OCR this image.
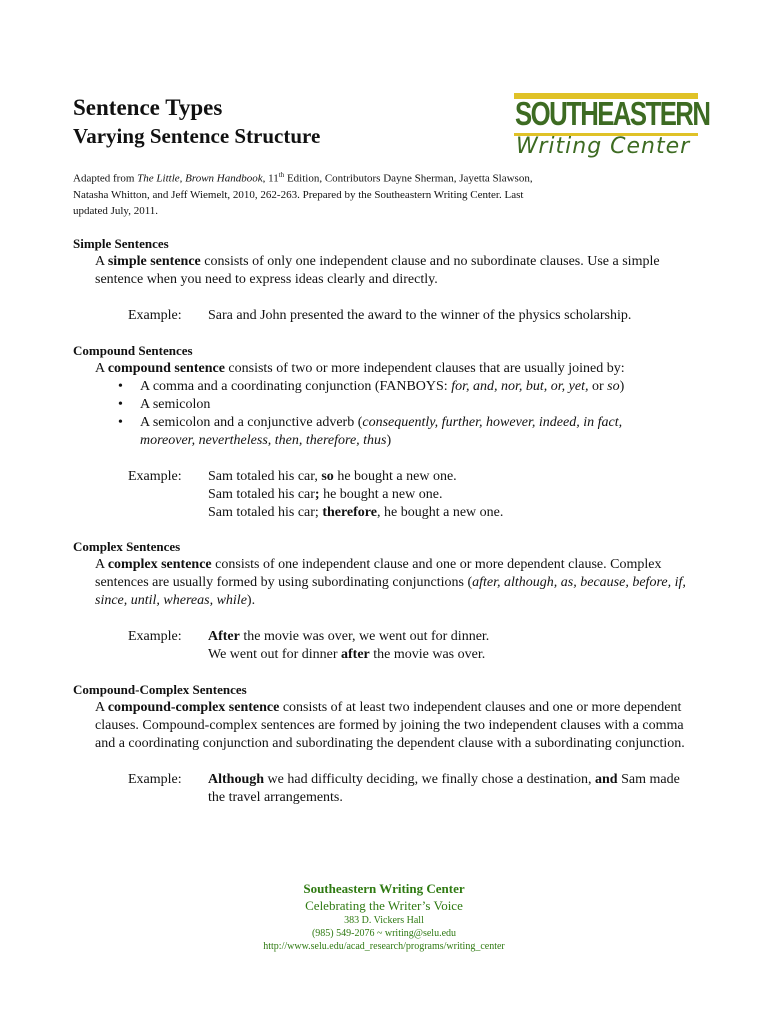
Sentence Types
Varying Sentence Structure
SOUTHEASTERN
Writing Center
Adapted from The Little, Brown Handbook, 11th Edition, Contributors Dayne Sherman, Jayetta Slawson, Natasha Whitton, and Jeff Wiemelt, 2010, 262-263. Prepared by the Southeastern Writing Center. Last updated July, 2011.

Simple Sentences

A simple sentence consists of only one independent clause and no subordinate clauses. Use a simple sentence when you need to express ideas clearly and directly.

Example:	Sara and John presented the award to the winner of the physics scholarship.

Compound Sentences

A compound sentence consists of two or more independent clauses that are usually joined by:

• A comma and a coordinating conjunction (FANBOYS: for, and, nor, but, or, yet, or so)
• A semicolon
• A semicolon and a conjunctive adverb (consequently, further, however, indeed, in fact, moreover, nevertheless, then, therefore, thus)
Example:	Sam totaled his car, so he bought a new one.
Sam totaled his car; he bought a new one.
Sam totaled his car; therefore, he bought a new one.

Complex Sentences

A complex sentence consists of one independent clause and one or more dependent clause. Complex sentences are usually formed by using subordinating conjunctions (after, although, as, because, before, if, since, until, whereas, while).

Example:	After the movie was over, we went out for dinner.
We went out for dinner after the movie was over.

Compound-Complex Sentences

A compound-complex sentence consists of at least two independent clauses and one or more dependent clauses. Compound-complex sentences are formed by joining the two independent clauses with a comma and a coordinating conjunction and subordinating the dependent clause with a subordinating conjunction.

Example:	Although we had difficulty deciding, we finally chose a destination, and Sam made the travel arrangements.
Southeastern Writing Center
Celebrating the Writer’s Voice
383 D. Vickers Hall
(985) 549-2076 ~ writing@selu.edu
http://www.selu.edu/acad_research/programs/writing_center
